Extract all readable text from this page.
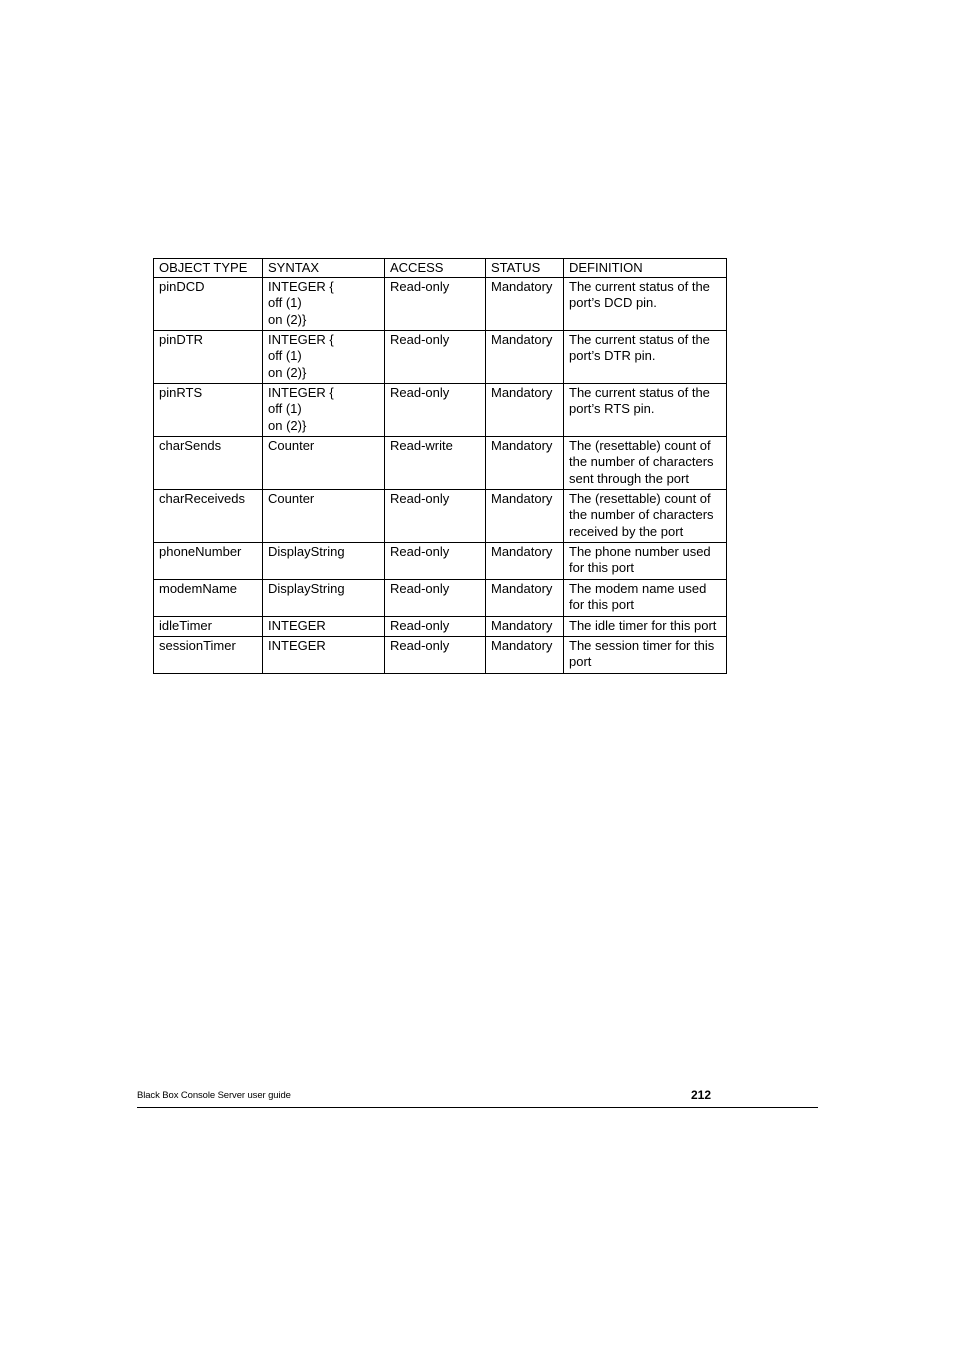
OBJECT TYPE	SYNTAX	ACCESS	STATUS	DEFINITION
pinDCD	INTEGER {
off (1)
on (2)}	Read-only	Mandatory	The current status of the
port’s DCD pin.
pinDTR	INTEGER {
off (1)
on (2)}	Read-only	Mandatory	The current status of the
port’s DTR pin.
pinRTS	INTEGER {
off (1)
on (2)}	Read-only	Mandatory	The current status of the
port’s RTS pin.
charSends	Counter	Read-write	Mandatory	The (resettable) count of
the number of characters
sent through the port
charReceiveds	Counter	Read-only	Mandatory	The (resettable) count of
the number of characters
received by the port
phoneNumber	DisplayString	Read-only	Mandatory	The phone number used
for this port
modemName	DisplayString	Read-only	Mandatory	The modem name used
for this port
idleTimer	INTEGER	Read-only	Mandatory	The idle timer for this port
sessionTimer	INTEGER	Read-only	Mandatory	The session timer for this
port
Black Box Console Server user guide	212
